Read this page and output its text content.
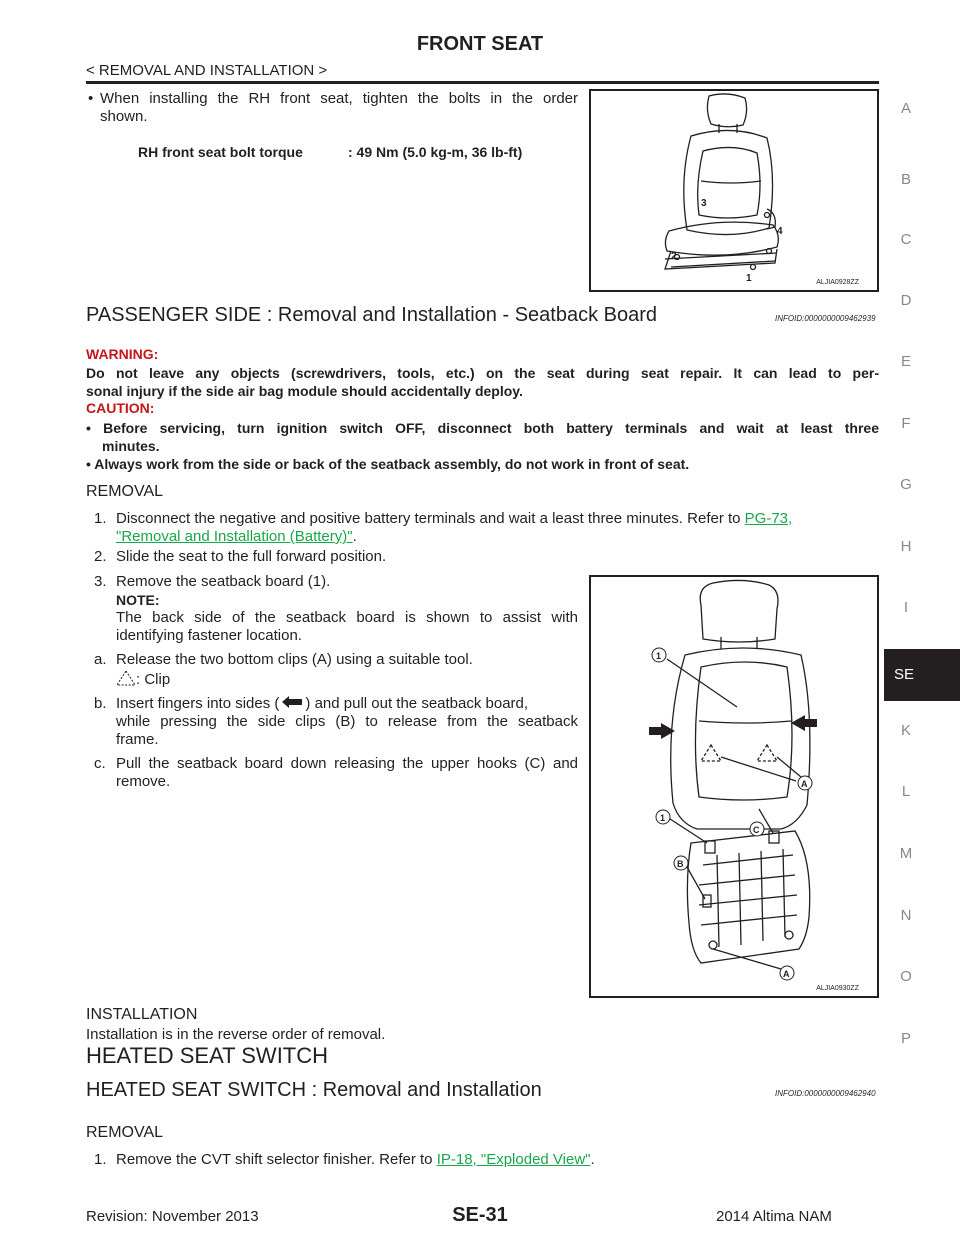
FRONT SEAT
< REMOVAL AND INSTALLATION >
A
B
C
D
E
F
G
H
I
K
L
M
N
O
P
SE
• When installing the RH front seat, tighten the bolts in the order
shown.
1
2
3
4
ALJIA0928ZZ
RH front seat bolt torque	: 49 Nm (5.0 kg-m, 36 lb-ft)
PASSENGER SIDE : Removal and Installation - Seatback Board	INFOID:0000000009462939
WARNING:
Do not leave any objects (screwdrivers, tools, etc.) on the seat during seat repair. It can lead to per-
sonal injury if the side air bag module should accidentally deploy.
CAUTION:
• Before servicing, turn ignition switch OFF, disconnect both battery terminals and wait at least three
minutes.
• Always work from the side or back of the seatback assembly, do not work in front of seat.
REMOVAL
1. Disconnect the negative and positive battery terminals and wait a least three minutes. Refer to PG-73,
"Removal and Installation (Battery)".
2. Slide the seat to the full forward position.
3. Remove the seatback board (1).
NOTE:
The back side of the seatback board is shown to assist with
identifying fastener location.
a. Release the two bottom clips (A) using a suitable tool.
: Clip
b. Insert fingers into sides ( ) and pull out the seatback board,
while pressing the side clips (B) to release from the seatback
frame.
c. Pull the seatback board down releasing the upper hooks (C) and
remove.
1
A
1
C
B
A
ALJIA0930ZZ
INSTALLATION
Installation is in the reverse order of removal.
HEATED SEAT SWITCH
HEATED SEAT SWITCH : Removal and Installation	INFOID:0000000009462940
REMOVAL
1. Remove the CVT shift selector finisher. Refer to IP-18, "Exploded View".
Revision: November 2013	SE-31	2014 Altima NAM
